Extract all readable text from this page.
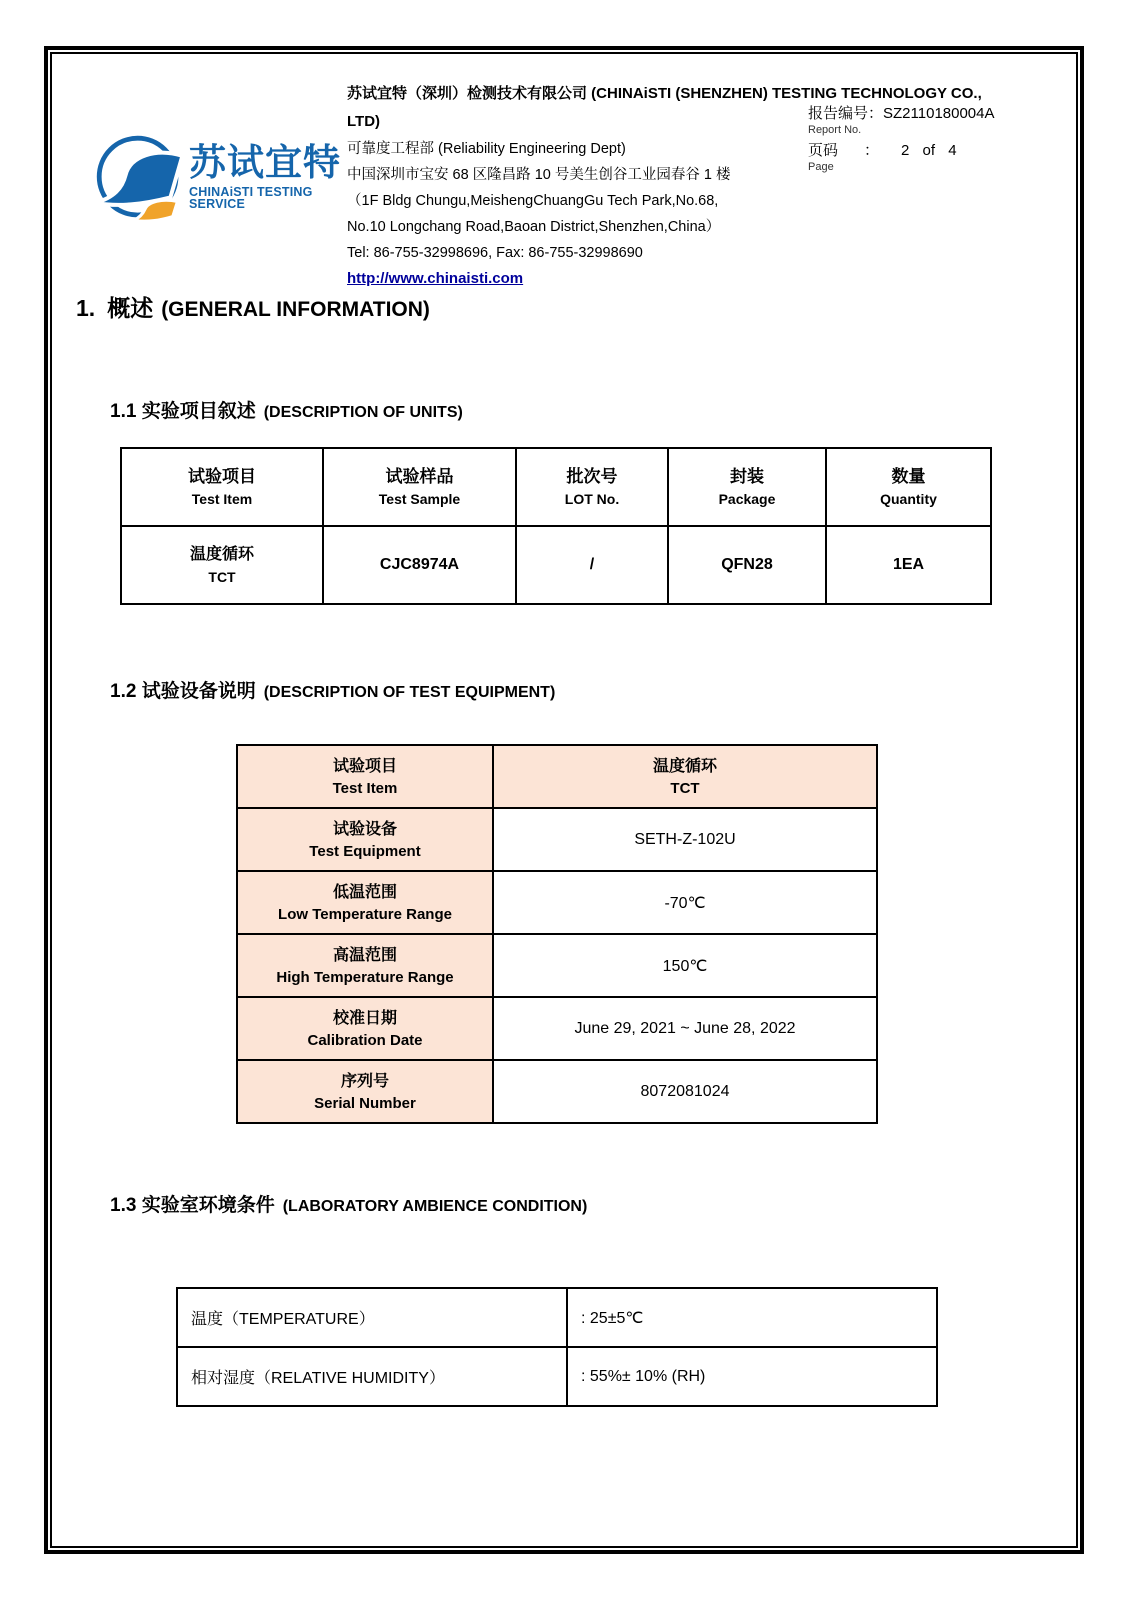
苏试宜特
CHINAiSTI TESTING SERVICE

苏试宜特（深圳）检测技术有限公司 (CHINAiSTI (SHENZHEN) TESTING TECHNOLOGY CO., LTD)

可靠度工程部 (Reliability Engineering Dept)

中国深圳市宝安 68 区隆昌路 10 号美生创谷工业园春谷 1 楼

（1F Bldg Chungu,MeishengChuangGu Tech Park,No.68,

No.10 Longchang Road,Baoan District,Shenzhen,China）

Tel: 86-755-32998696, Fax: 86-755-32998690

http://www.chinaisti.com

报告编号：SZ2110180004A
Report No.
页码 ： 2 of 4
Page
1. 概述 (GENERAL INFORMATION)
1.1 实验项目叙述 (DESCRIPTION OF UNITS)
试验项目
Test Item	试验样品
Test Sample	批次号
LOT No.	封装
Package	数量
Quantity

温度循环
TCT	CJC8974A	/	QFN28	1EA
1.2 试验设备说明 (DESCRIPTION OF TEST EQUIPMENT)
试验项目
Test Item	温度循环
TCT

试验设备
Test Equipment	SETH-Z-102U

低温范围
Low Temperature Range	-70℃

高温范围
High Temperature Range	150℃

校准日期
Calibration Date	June 29, 2021 ~ June 28, 2022

序列号
Serial Number	8072081024
1.3 实验室环境条件 (LABORATORY AMBIENCE CONDITION)
温度（TEMPERATURE）	: 25±5℃
相对湿度（RELATIVE HUMIDITY）	: 55%± 10% (RH)
